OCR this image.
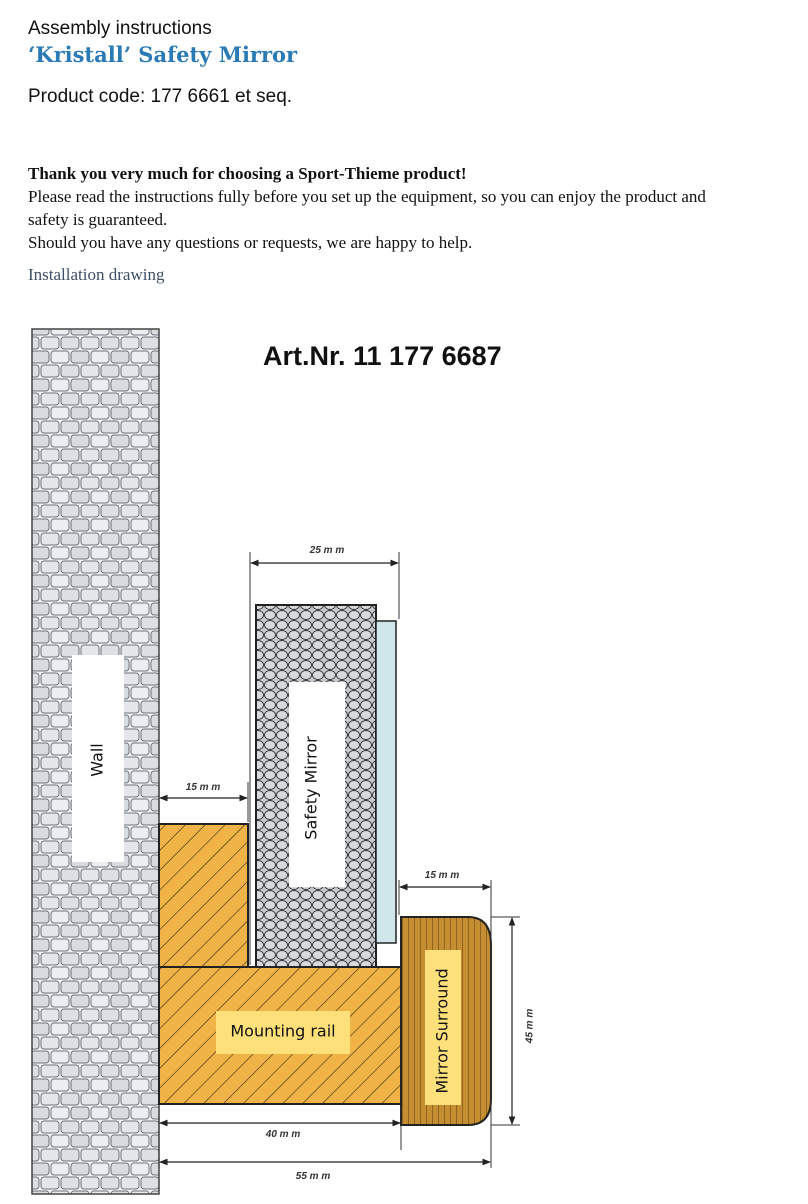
Assembly instructions
‘Kristall’ Safety Mirror
Product code: 177 6661 et seq.
Thank you very much for choosing a Sport-Thieme product!
Please read the instructions fully before you set up the equipment, so you can enjoy the product and
safety is guaranteed.
Should you have any questions or requests, we are happy to help.
Installation drawing
Art.Nr. 11 177 6687
Wall	Safety Mirror
Mounting rail	Mirror Surround
25 m m
15 m m
15 m m
45 m m
40 m m
55 m m
